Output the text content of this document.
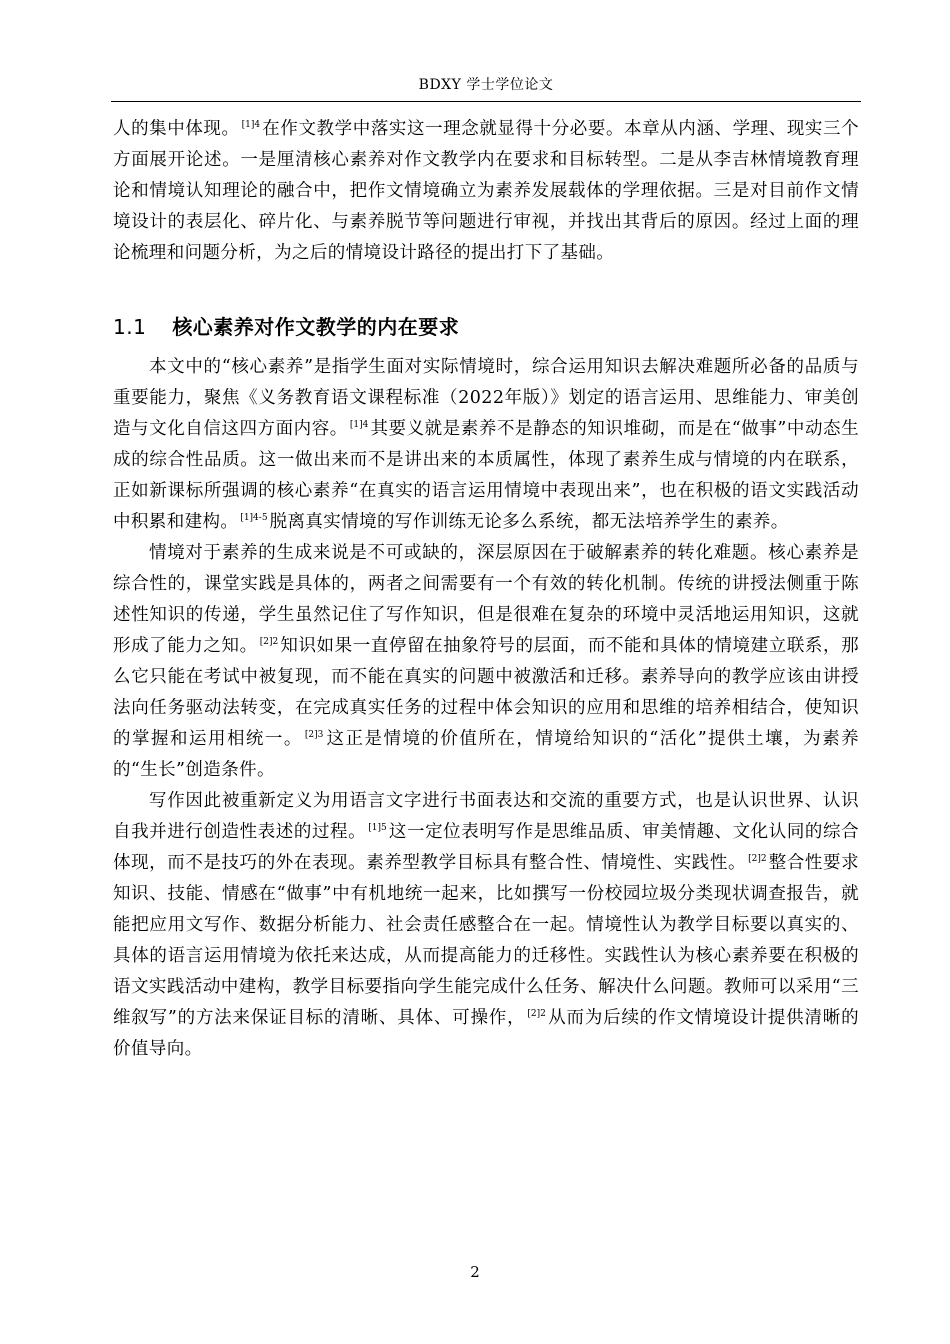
BDXY 学士学位论文

人的集中体现。 $^{[1]4}$ 在作文教学中落实这一理念就显得十分必要。本章从内涵、学理、现实三个方面展开论述。一是厘清核心素养对作文教学内在要求和目标转型。二是从李吉林情境教育理论和情境认知理论的融合中，把作文情境确立为素养发展载体的学理依据。三是对目前作文情境设计的表层化、碎片化、与素养脱节等问题进行审视，并找出其背后的原因。经过上面的理论梳理和问题分析，为之后的情境设计路径的提出打下了基础。

1.1 核心素养对作文教学的内在要求

本文中的“核心素养”是指学生面对实际情境时，综合运用知识去解决难题所必备的品质与重要能力，聚焦《义务教育语文课程标准（2022年版）》划定的语言运用、思维能力、审美创造与文化自信这四方面内容。 $^{[1]4}$ 其要义就是素养不是静态的知识堆砌，而是在“做事”中动态生成的综合性品质。这一做出来而不是讲出来的本质属性，体现了素养生成与情境的内在联系，正如新课标所强调的核心素养“在真实的语言运用情境中表现出来”，也在积极的语文实践活动中积累和建构。 $^{[1]4-5}$ 脱离真实情境的写作训练无论多么系统，都无法培养学生的素养。

情境对于素养的生成来说是不可或缺的，深层原因在于破解素养的转化难题。核心素养是综合性的，课堂实践是具体的，两者之间需要有一个有效的转化机制。传统的讲授法侧重于陈述性知识的传递，学生虽然记住了写作知识，但是很难在复杂的环境中灵活地运用知识，这就形成了能力之知。 $^{[2]2}$ 知识如果一直停留在抽象符号的层面，而不能和具体的情境建立联系，那么它只能在考试中被复现，而不能在真实的问题中被激活和迁移。素养导向的教学应该由讲授法向任务驱动法转变，在完成真实任务的过程中体会知识的应用和思维的培养相结合，使知识的掌握和运用相统一。 $^{[2]3}$ 这正是情境的价值所在，情境给知识的“活化”提供土壤，为素养的“生长”创造条件。

写作因此被重新定义为用语言文字进行书面表达和交流的重要方式，也是认识世界、认识自我并进行创造性表述的过程。 $^{[1]5}$ 这一定位表明写作是思维品质、审美情趣、文化认同的综合体现，而不是技巧的外在表现。素养型教学目标具有整合性、情境性、实践性。 $^{[2]2}$ 整合性要求知识、技能、情感在“做事”中有机地统一起来，比如撰写一份校园垃圾分类现状调查报告，就能把应用文写作、数据分析能力、社会责任感整合在一起。情境性认为教学目标要以真实的、具体的语言运用情境为依托来达成，从而提高能力的迁移性。实践性认为核心素养要在积极的语文实践活动中建构，教学目标要指向学生能完成什么任务、解决什么问题。教师可以采用“三维叙写”的方法来保证目标的清晰、具体、可操作， $^{[2]2}$ 从而为后续的作文情境设计提供清晰的价值导向。

2
